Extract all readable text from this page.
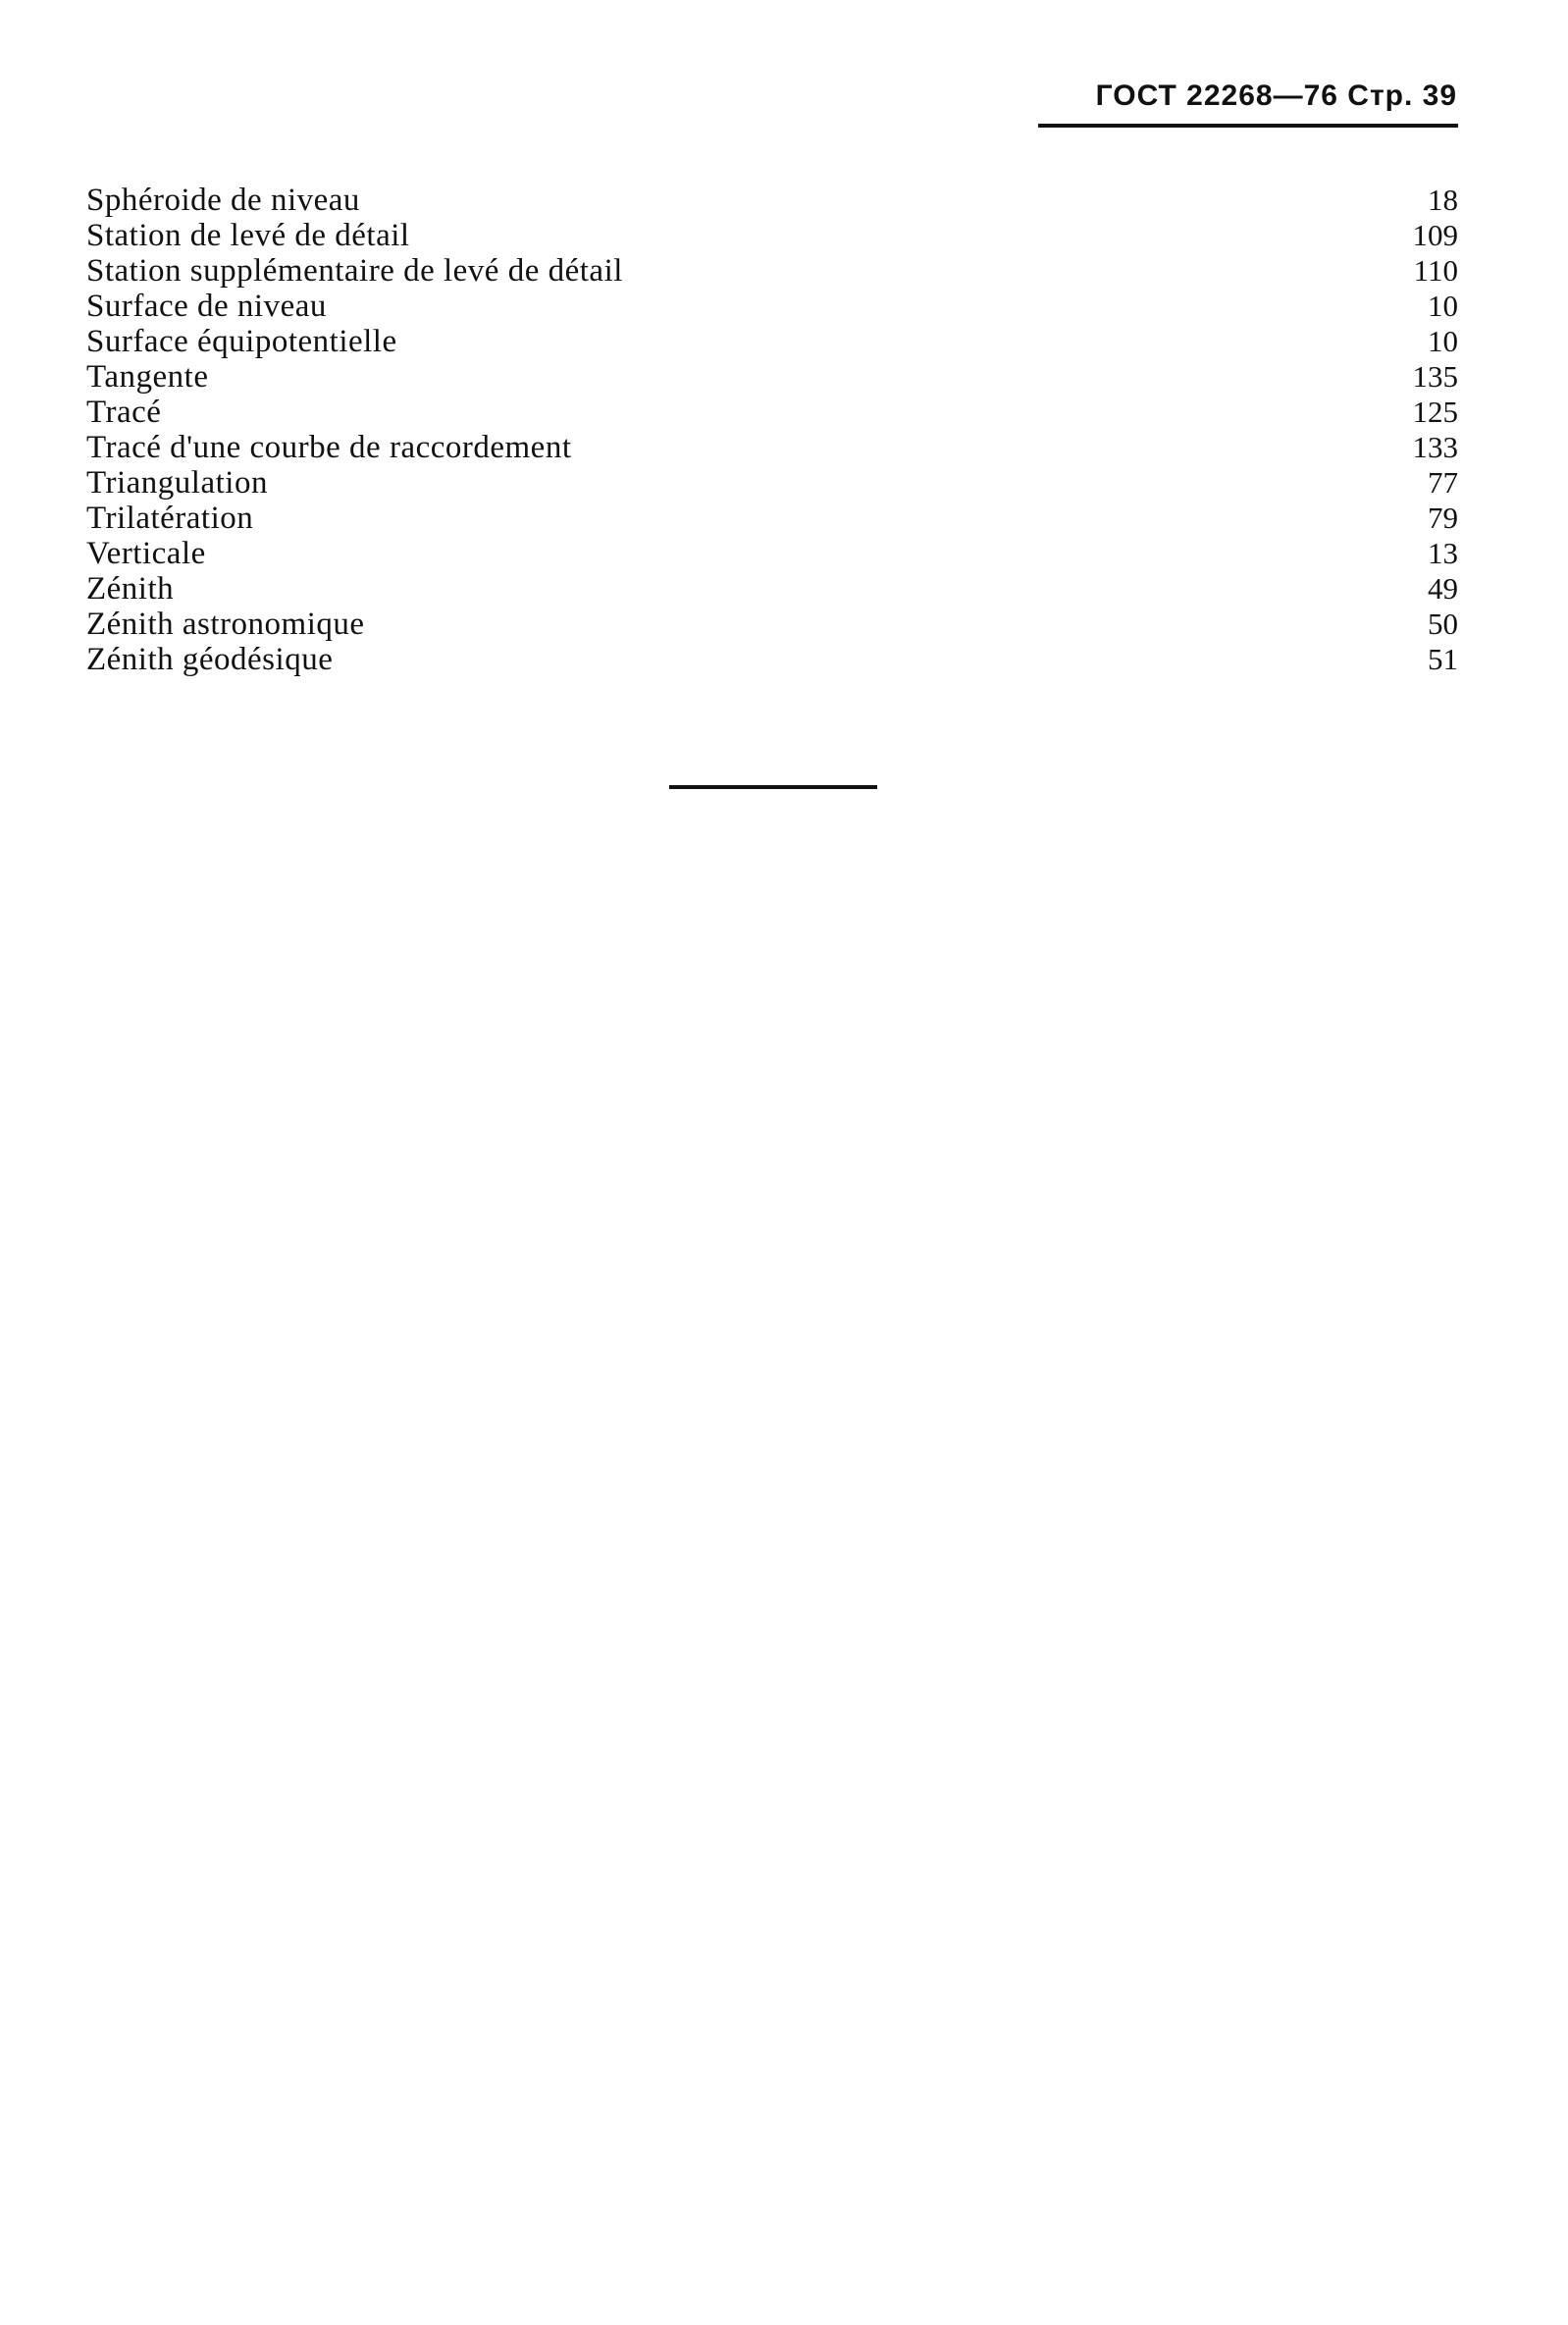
ГОСТ 22268—76 Стр. 39
Sphéroide de niveau	18
Station de levé de détail	109
Station supplémentaire de levé de détail	110
Surface de niveau	10
Surface équipotentielle	10
Tangente	135
Tracé	125
Tracé d'une courbe de raccordement	133
Triangulation	77
Trilatération	79
Verticale	13
Zénith	49
Zénith astronomique	50
Zénith géodésique	51
